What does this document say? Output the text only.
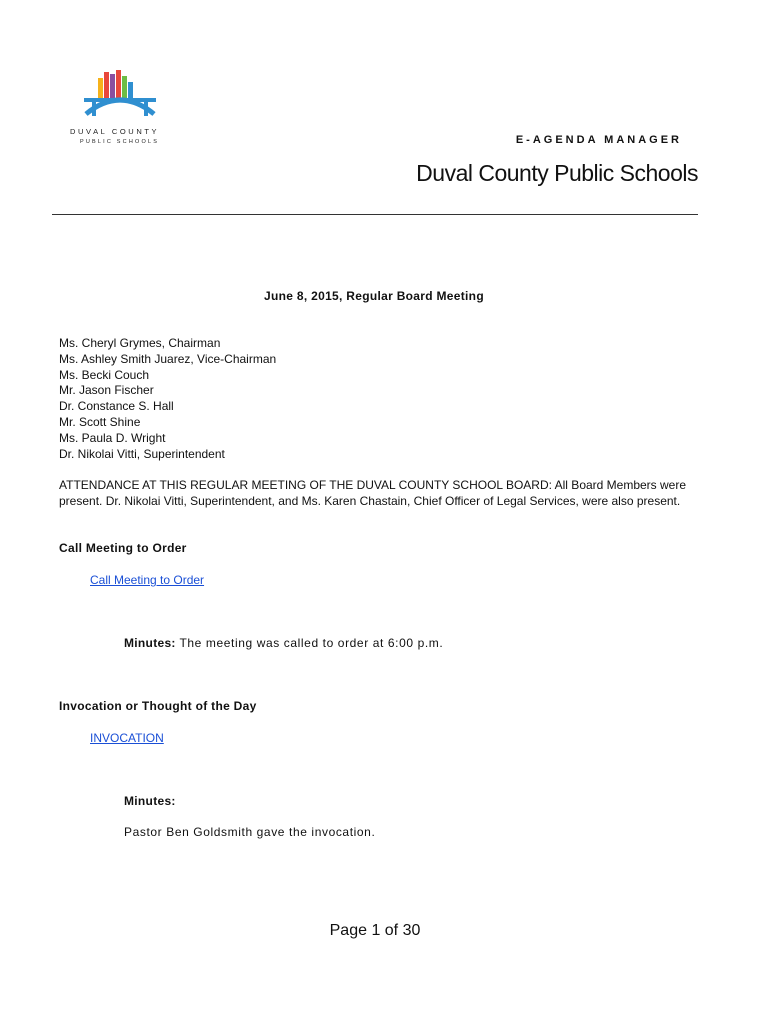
DUVAL COUNTY
PUBLIC SCHOOLS	E-AGENDA MANAGER
Duval County Public Schools
June 8, 2015, Regular Board Meeting
Ms. Cheryl Grymes, Chairman
Ms. Ashley Smith Juarez, Vice-Chairman
Ms. Becki Couch
Mr. Jason Fischer
Dr. Constance S. Hall
Mr. Scott Shine
Ms. Paula D. Wright
Dr. Nikolai Vitti, Superintendent
ATTENDANCE AT THIS REGULAR MEETING OF THE DUVAL COUNTY SCHOOL BOARD: All Board Members were present. Dr. Nikolai Vitti, Superintendent, and Ms. Karen Chastain, Chief Officer of Legal Services, were also present.
Call Meeting to Order
Call Meeting to Order
Minutes: The meeting was called to order at 6:00 p.m.
Invocation or Thought of the Day
INVOCATION
Minutes:
Pastor Ben Goldsmith gave the invocation.
Page 1 of 30
